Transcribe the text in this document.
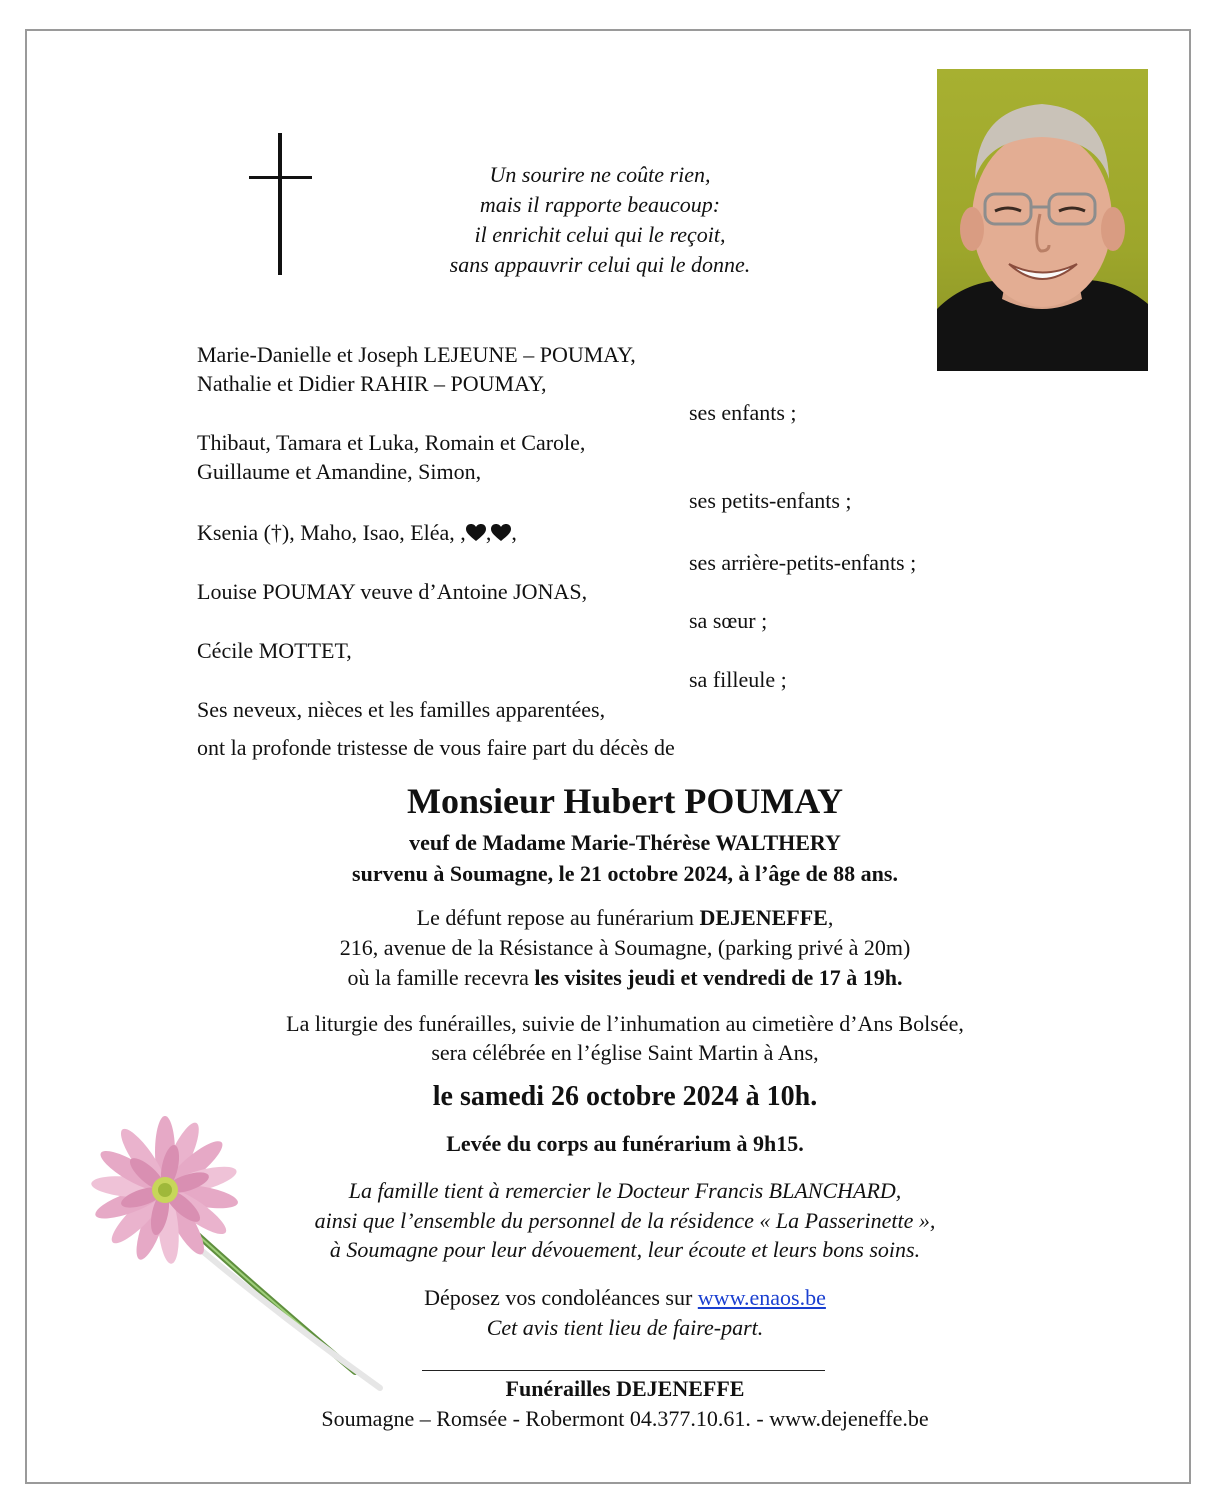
Un sourire ne coûte rien,
mais il rapporte beaucoup:
il enrichit celui qui le reçoit,
sans appauvrir celui qui le donne.
Marie-Danielle et Joseph LEJEUNE – POUMAY,
Nathalie et Didier RAHIR – POUMAY,
ses enfants ;
Thibaut, Tamara et Luka, Romain et Carole,
Guillaume et Amandine, Simon,
ses petits-enfants ;
Ksenia (†), Maho, Isao, Eléa, , , ,
ses arrière-petits-enfants ;
Louise POUMAY veuve d’Antoine JONAS,
sa sœur ;
Cécile MOTTET,
sa filleule ;
Ses neveux, nièces et les familles apparentées,
ont la profonde tristesse de vous faire part du décès de
Monsieur Hubert POUMAY
veuf de Madame Marie-Thérèse WALTHERY
survenu à Soumagne, le 21 octobre 2024, à l’âge de 88 ans.
Le défunt repose au funérarium DEJENEFFE,
216, avenue de la Résistance à Soumagne, (parking privé à 20m)
où la famille recevra les visites jeudi et vendredi de 17 à 19h.
La liturgie des funérailles, suivie de l’inhumation au cimetière d’Ans Bolsée,
sera célébrée en l’église Saint Martin à Ans,
le samedi 26 octobre 2024 à 10h.
Levée du corps au funérarium à 9h15.
La famille tient à remercier le Docteur Francis BLANCHARD,
ainsi que l’ensemble du personnel de la résidence « La Passerinette »,
à Soumagne pour leur dévouement, leur écoute et leurs bons soins.
Déposez vos condoléances sur www.enaos.be
Cet avis tient lieu de faire-part.
Funérailles DEJENEFFE
Soumagne – Romsée - Robermont 04.377.10.61. - www.dejeneffe.be
